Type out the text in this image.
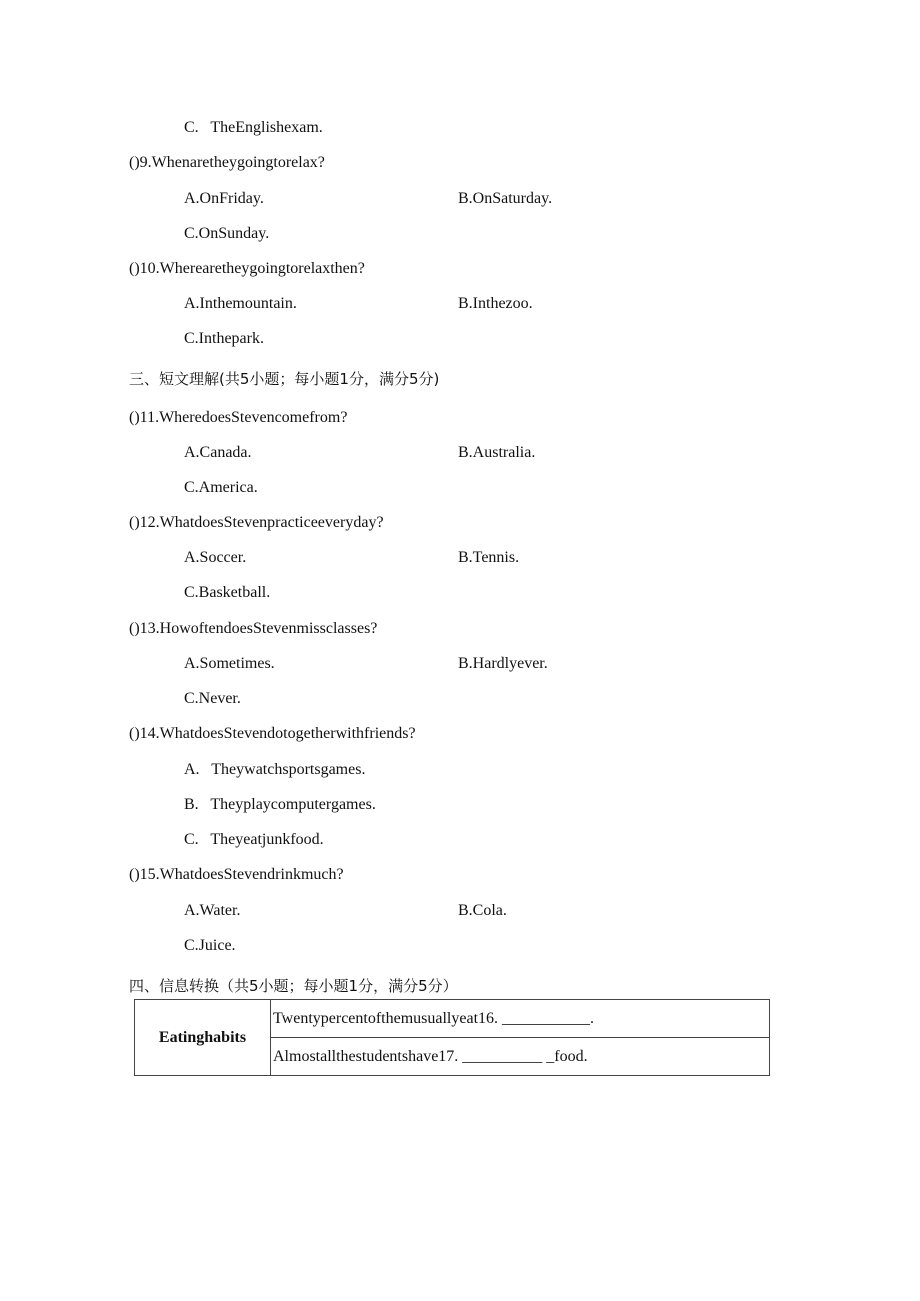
C.   TheEnglishexam.
()9.Whenaretheygoingtorelax?
A.OnFriday.	B.OnSaturday.
C.OnSunday.
()10.Wherearetheygoingtorelaxthen?
A.Inthemountain.	B.Inthezoo.
C.Inthepark.
三、短文理解(共5小题；每小题1分，满分5分)
()11.WheredoesStevencomefrom?
A.Canada.	B.Australia.
C.America.
()12.WhatdoesStevenpracticeeveryday?
A.Soccer.	B.Tennis.
C.Basketball.
()13.HowoftendoesStevenmissclasses?
A.Sometimes.	B.Hardlyever.
C.Never.
()14.WhatdoesStevendotogetherwithfriends?
A.   Theywatchsportsgames.
B.   Theyplaycomputergames.
C.   Theyeatjunkfood.
()15.WhatdoesStevendrinkmuch?
A.Water.	B.Cola.
C.Juice.
四、信息转换（共5小题；每小题1分，满分5分）
Eatinghabits	Twentypercentofthemusuallyeat16. ___________.
Almostallthestudentshave17. __________ _food.
